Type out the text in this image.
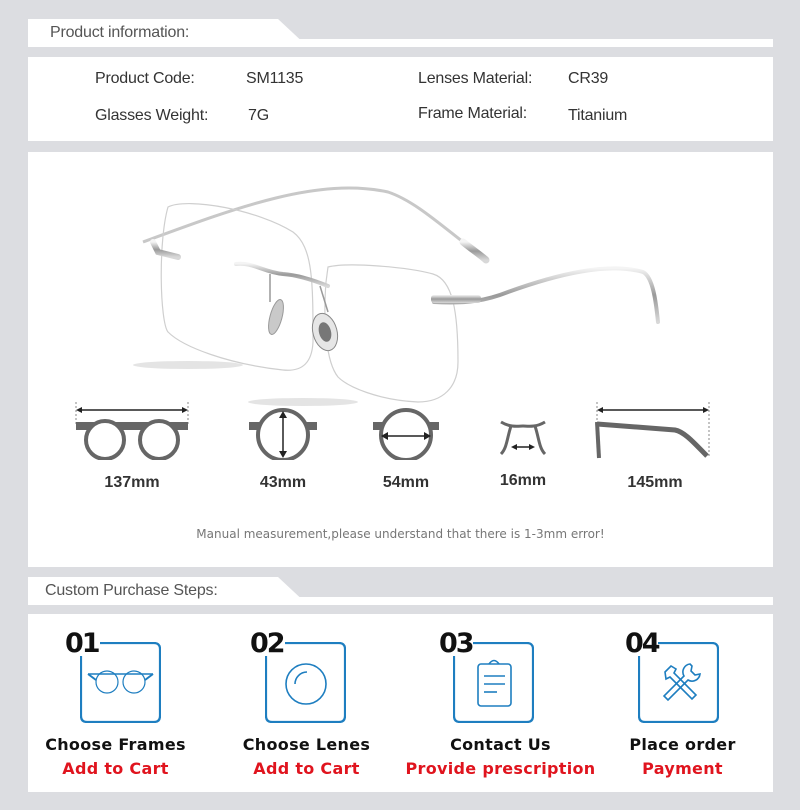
Product information:
Product Code:	SM1135
Glasses Weight: 7G
Lenses Material: CR39
Frame Material:	Titanium
137mm	43mm	54mm	16mm	145mm
Manual measurement,please understand that there is 1-3mm error!
Custom Purchase Steps:
01
Choose Frames
Add to Cart
02
Choose Lenes
Add to Cart
03
Contact Us
Provide prescription
04
Place order
Payment
